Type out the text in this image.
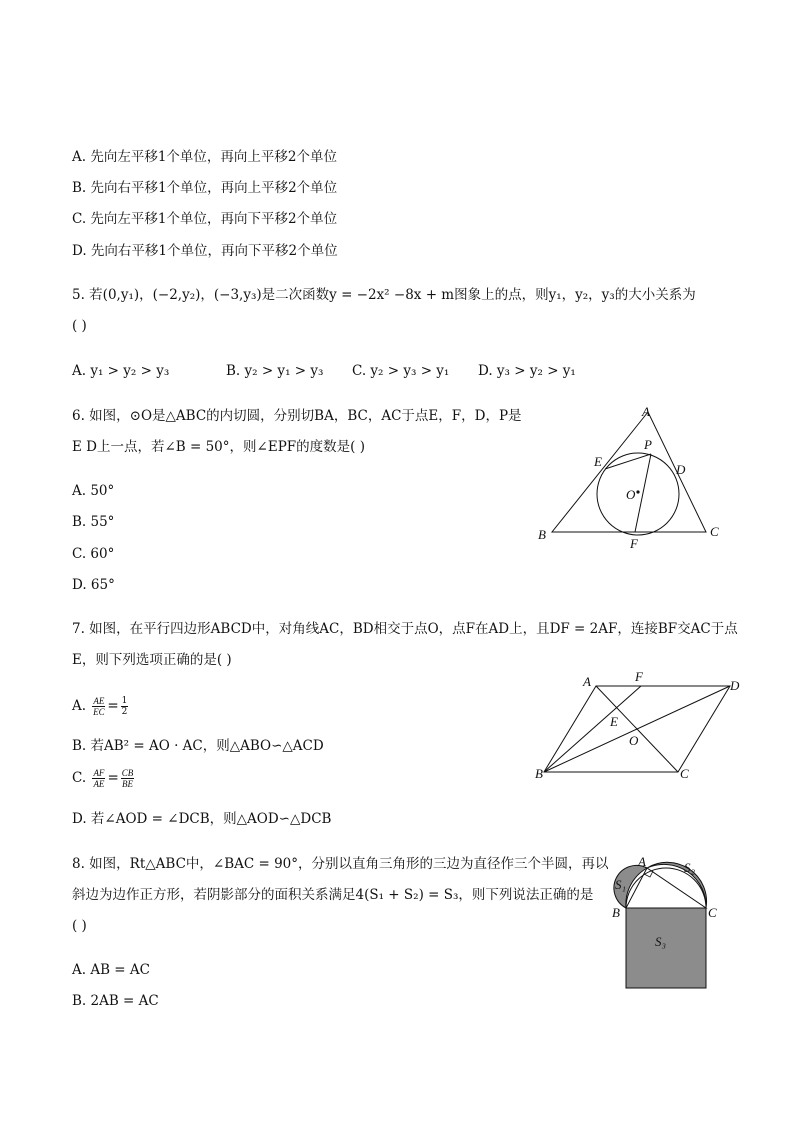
A. 先向左平移1个单位，再向上平移2个单位
B. 先向右平移1个单位，再向上平移2个单位
C. 先向左平移1个单位，再向下平移2个单位
D. 先向右平移1个单位，再向下平移2个单位
5. 若(0,y₁)，(−2,y₂)，(−3,y₃)是二次函数y = −2x² −8x + m图象上的点，则y₁，y₂，y₃的大小关系为
( )
A. y₁ > y₂ > y₃	B. y₂ > y₁ > y₃ C. y₂ > y₃ > y₁ D. y₃ > y₂ > y₁
6. 如图，⊙O是△ABC的内切圆，分别切BA，BC，AC于点E，F，D，P是
E D上一点，若∠B = 50°，则∠EPF的度数是( )
A. 50°
B. 55°
C. 60°
D. 65°
A
B	C
D
E
F
O
P
7. 如图，在平行四边形ABCD中，对角线AC，BD相交于点O，点F在AD上，且DF = 2AF，连接BF交AC于点
E，则下列选项正确的是( )
A. $\frac{AE}{EC} = \frac{1}{2}$
B. 若AB² = AO · AC，则△ABO∽△ACD
C. $\frac{AF}{AE} = \frac{CB}{BE}$
D. 若∠AOD = ∠DCB，则△AOD∽△DCB
A	F
D
E
O
B	C
8. 如图，Rt△ABC中，∠BAC = 90°，分别以直角三角形的三边为直径作三个半圆，再以
斜边为边作正方形，若阴影部分的面积关系满足4(S₁ + S₂) = S₃，则下列说法正确的是
( )
A. AB = AC
B. 2AB = AC
A
B	C
S₁
S₂
S₃
